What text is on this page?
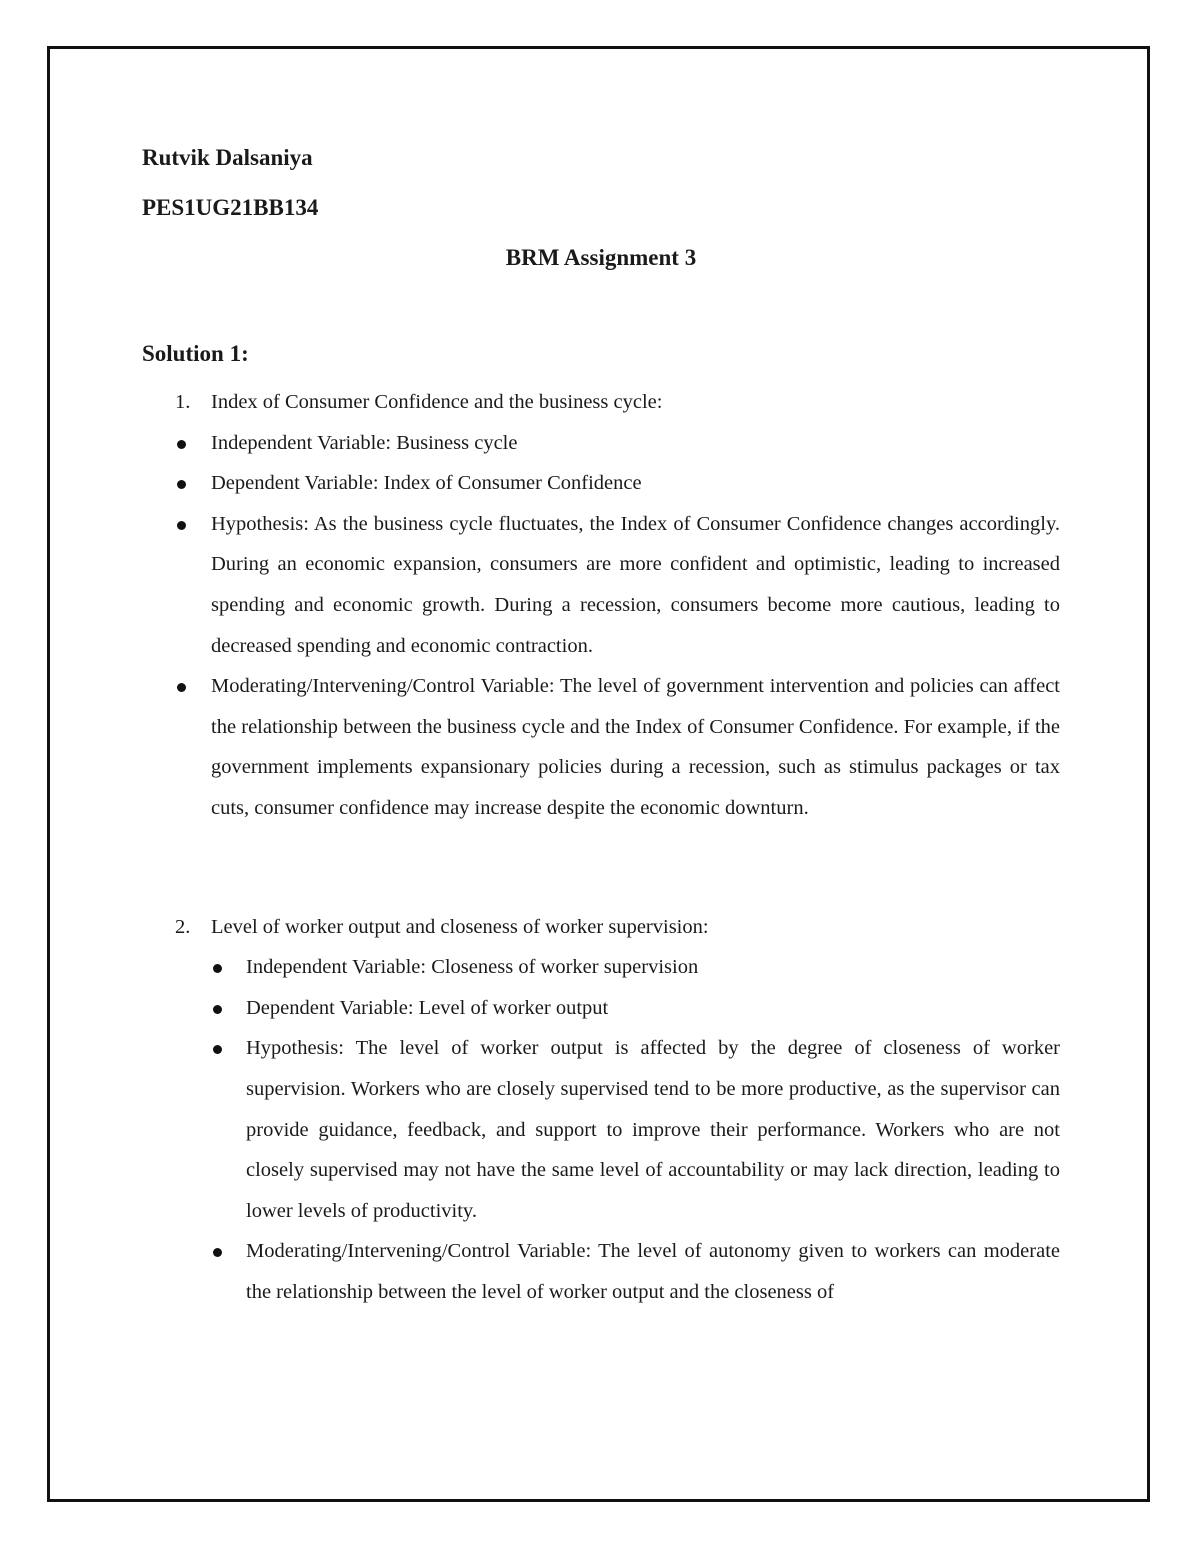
Rutvik Dalsaniya

PES1UG21BB134

BRM Assignment 3

Solution 1:

1. Index of Consumer Confidence and the business cycle:

Independent Variable: Business cycle

Dependent Variable: Index of Consumer Confidence

Hypothesis: As the business cycle fluctuates, the Index of Consumer Confidence changes accordingly. During an economic expansion, consumers are more confident and optimistic, leading to increased spending and economic growth. During a recession, consumers become more cautious, leading to decreased spending and economic contraction.

Moderating/Intervening/Control Variable: The level of government intervention and policies can affect the relationship between the business cycle and the Index of Consumer Confidence. For example, if the government implements expansionary policies during a recession, such as stimulus packages or tax cuts, consumer confidence may increase despite the economic downturn.

2. Level of worker output and closeness of worker supervision:

Independent Variable: Closeness of worker supervision

Dependent Variable: Level of worker output

Hypothesis: The level of worker output is affected by the degree of closeness of worker supervision. Workers who are closely supervised tend to be more productive, as the supervisor can provide guidance, feedback, and support to improve their performance. Workers who are not closely supervised may not have the same level of accountability or may lack direction, leading to lower levels of productivity.

Moderating/Intervening/Control Variable: The level of autonomy given to workers can moderate the relationship between the level of worker output and the closeness of
